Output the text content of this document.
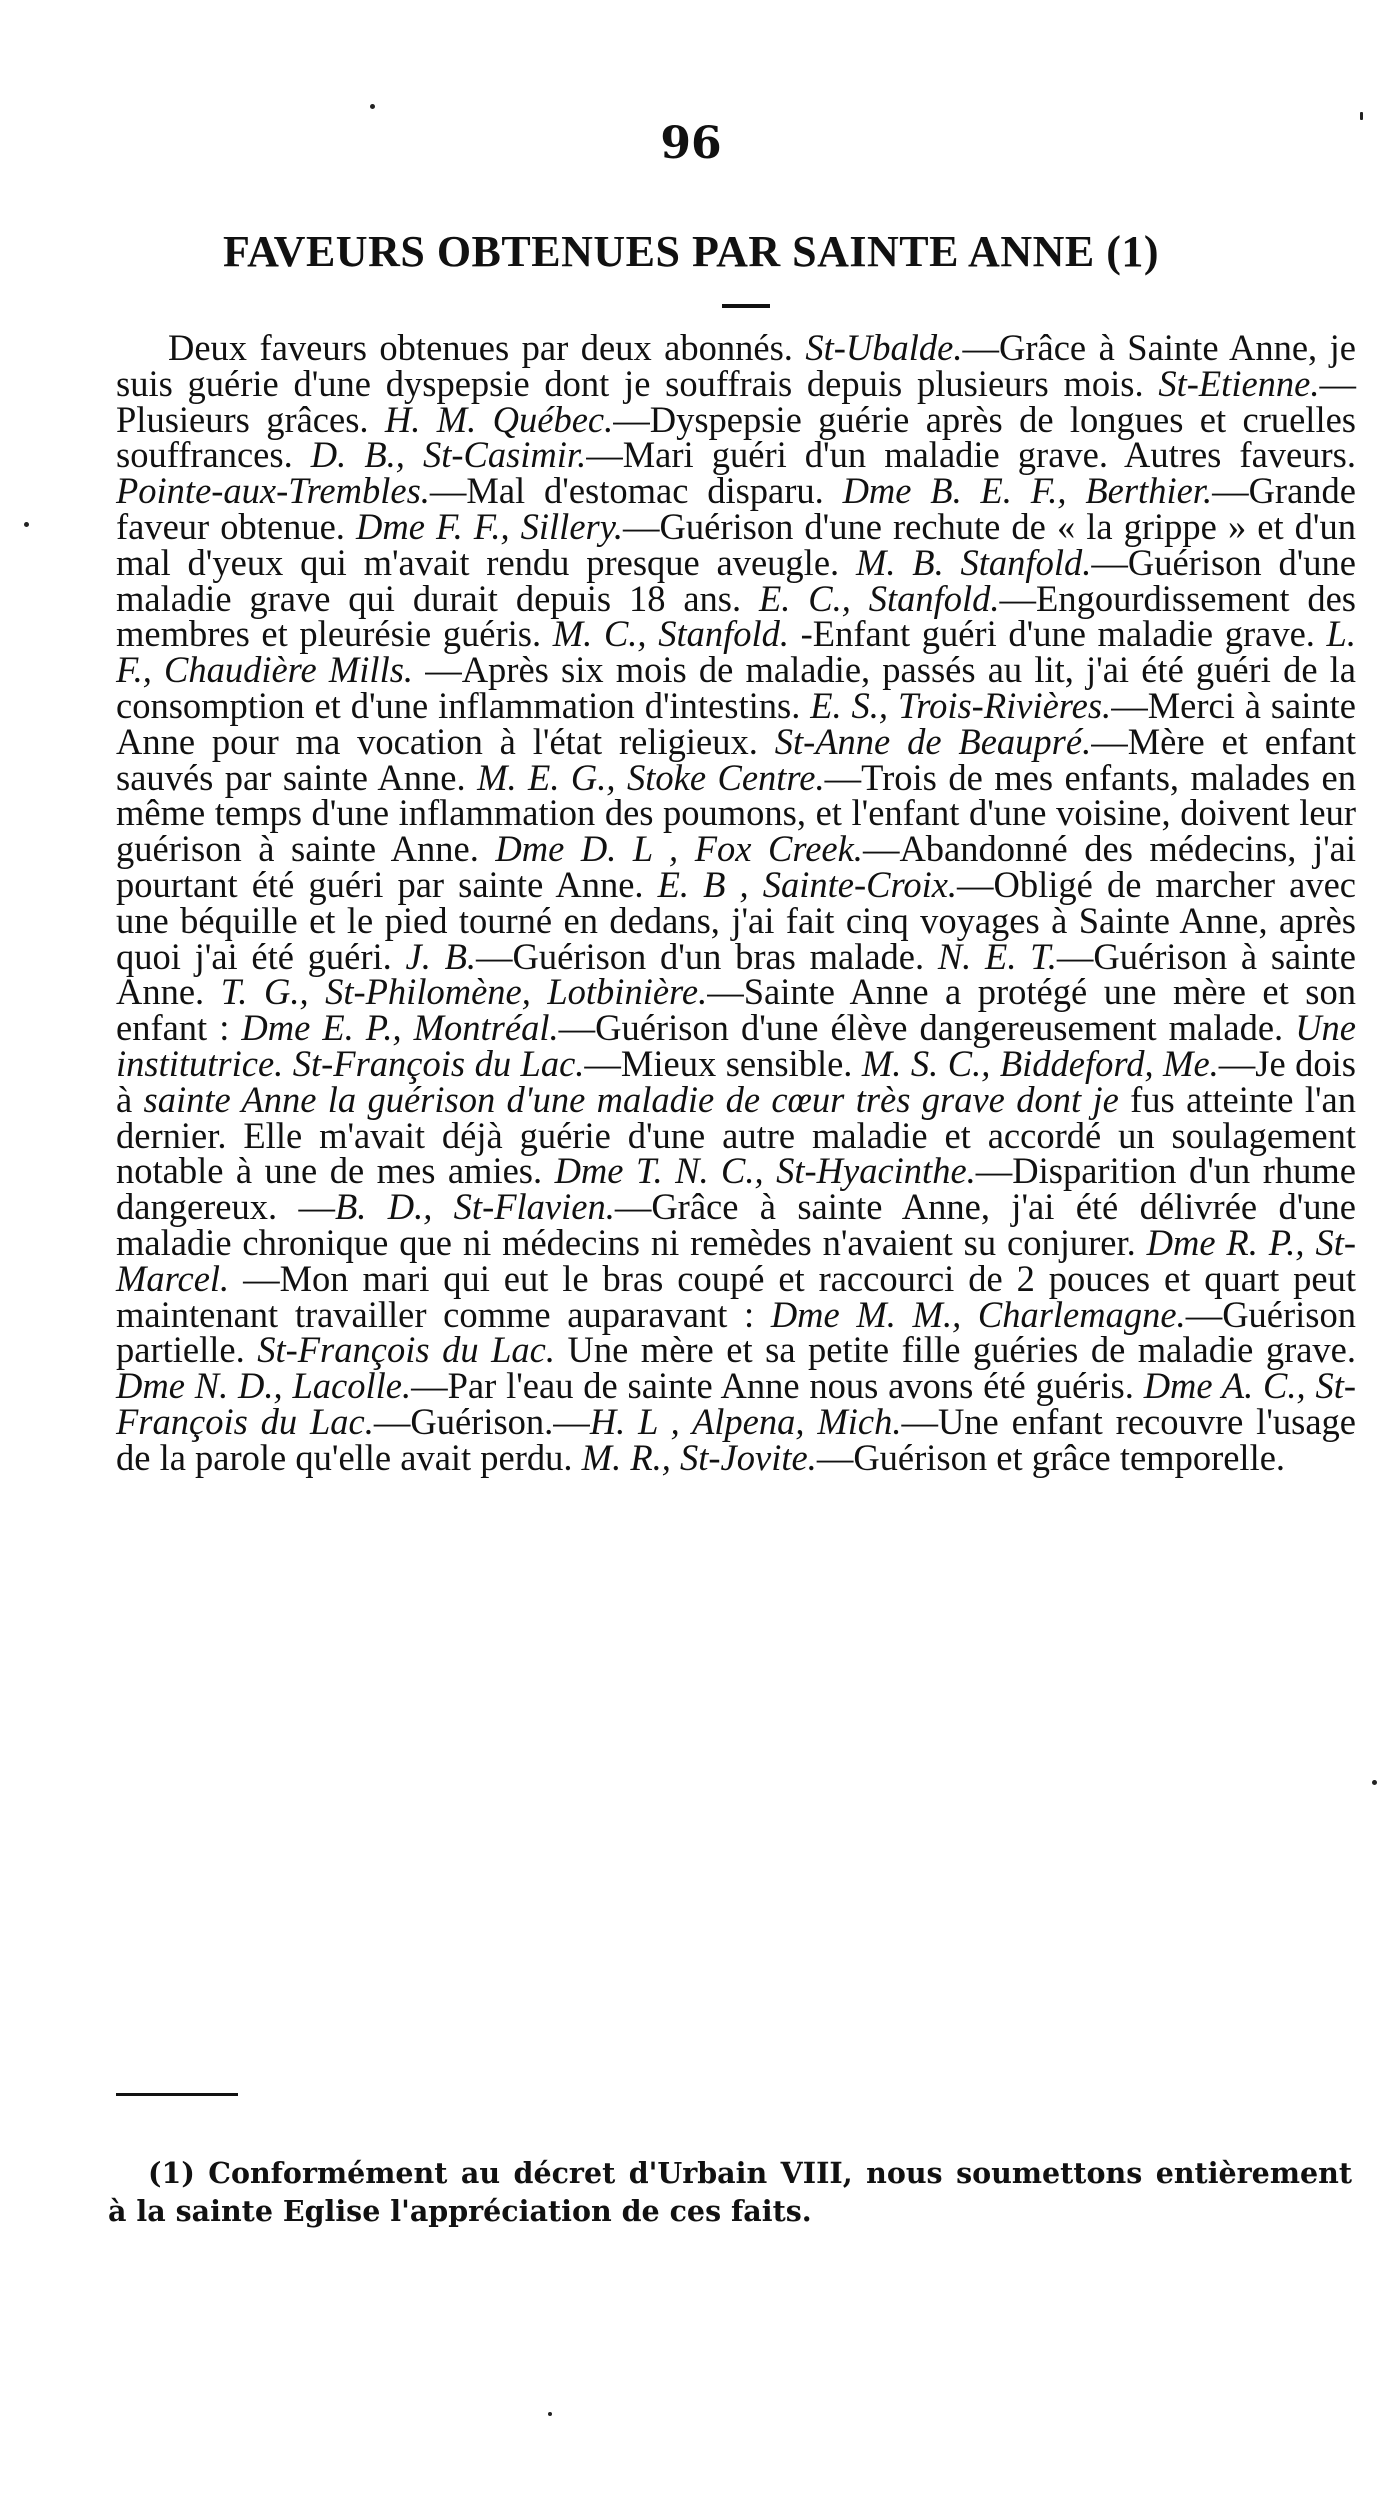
96
FAVEURS OBTENUES PAR SAINTE ANNE (1)

Deux faveurs obtenues par deux abonnés. St-Ubalde.—Grâce à Sainte Anne, je suis guérie d'une dyspepsie dont je souffrais depuis plusieurs mois. St-Etienne.—Plusieurs grâces. H. M. Québec.—Dyspepsie guérie après de longues et cruelles souffrances. D. B., St-Casimir.—Mari guéri d'un maladie grave. Autres faveurs. Pointe-aux-Trembles.—Mal d'estomac disparu. Dme B. E. F., Berthier.—Grande faveur obtenue. Dme F. F., Sillery.—Guérison d'une rechute de « la grippe » et d'un mal d'yeux qui m'avait rendu presque aveugle. M. B. Stanfold.—Guérison d'une maladie grave qui durait depuis 18 ans. E. C., Stanfold.—Engourdissement des membres et pleurésie guéris. M. C., Stanfold. -Enfant guéri d'une maladie grave. L. F., Chaudière Mills. —Après six mois de maladie, passés au lit, j'ai été guéri de la consomption et d'une inflammation d'intestins. E. S., Trois-Rivières.—Merci à sainte Anne pour ma vocation à l'état religieux. St-Anne de Beaupré.—Mère et enfant sauvés par sainte Anne. M. E. G., Stoke Centre.—Trois de mes enfants, malades en même temps d'une inflammation des poumons, et l'enfant d'une voisine, doivent leur guérison à sainte Anne. Dme D. L , Fox Creek.—Abandonné des médecins, j'ai pourtant été guéri par sainte Anne. E. B , Sainte-Croix.—Obligé de marcher avec une béquille et le pied tourné en dedans, j'ai fait cinq voyages à Sainte Anne, après quoi j'ai été guéri. J. B.—Guérison d'un bras malade. N. E. T.—Guérison à sainte Anne. T. G., St-Philomène, Lotbinière.—Sainte Anne a protégé une mère et son enfant : Dme E. P., Montréal.—Guérison d'une élève dangereusement malade. Une institutrice. St-François du Lac.—Mieux sensible. M. S. C., Biddeford, Me.—Je dois à sainte Anne la guérison d'une maladie de cœur très grave dont je fus atteinte l'an dernier. Elle m'avait déjà guérie d'une autre maladie et accordé un soulagement notable à une de mes amies. Dme T. N. C., St-Hyacinthe.—Disparition d'un rhume dangereux. —B. D., St-Flavien.—Grâce à sainte Anne, j'ai été délivrée d'une maladie chronique que ni médecins ni remèdes n'avaient su conjurer. Dme R. P., St-Marcel. —Mon mari qui eut le bras coupé et raccourci de 2 pouces et quart peut maintenant travailler comme auparavant : Dme M. M., Charlemagne.—Guérison partielle. St-François du Lac. Une mère et sa petite fille guéries de maladie grave. Dme N. D., Lacolle.—Par l'eau de sainte Anne nous avons été guéris. Dme A. C., St-François du Lac.—Guérison.—H. L , Alpena, Mich.—Une enfant recouvre l'usage de la parole qu'elle avait perdu. M. R., St-Jovite.—Guérison et grâce temporelle.

(1) Conformément au décret d'Urbain VIII, nous soumettons entièrement à la sainte Eglise l'appréciation de ces faits.
